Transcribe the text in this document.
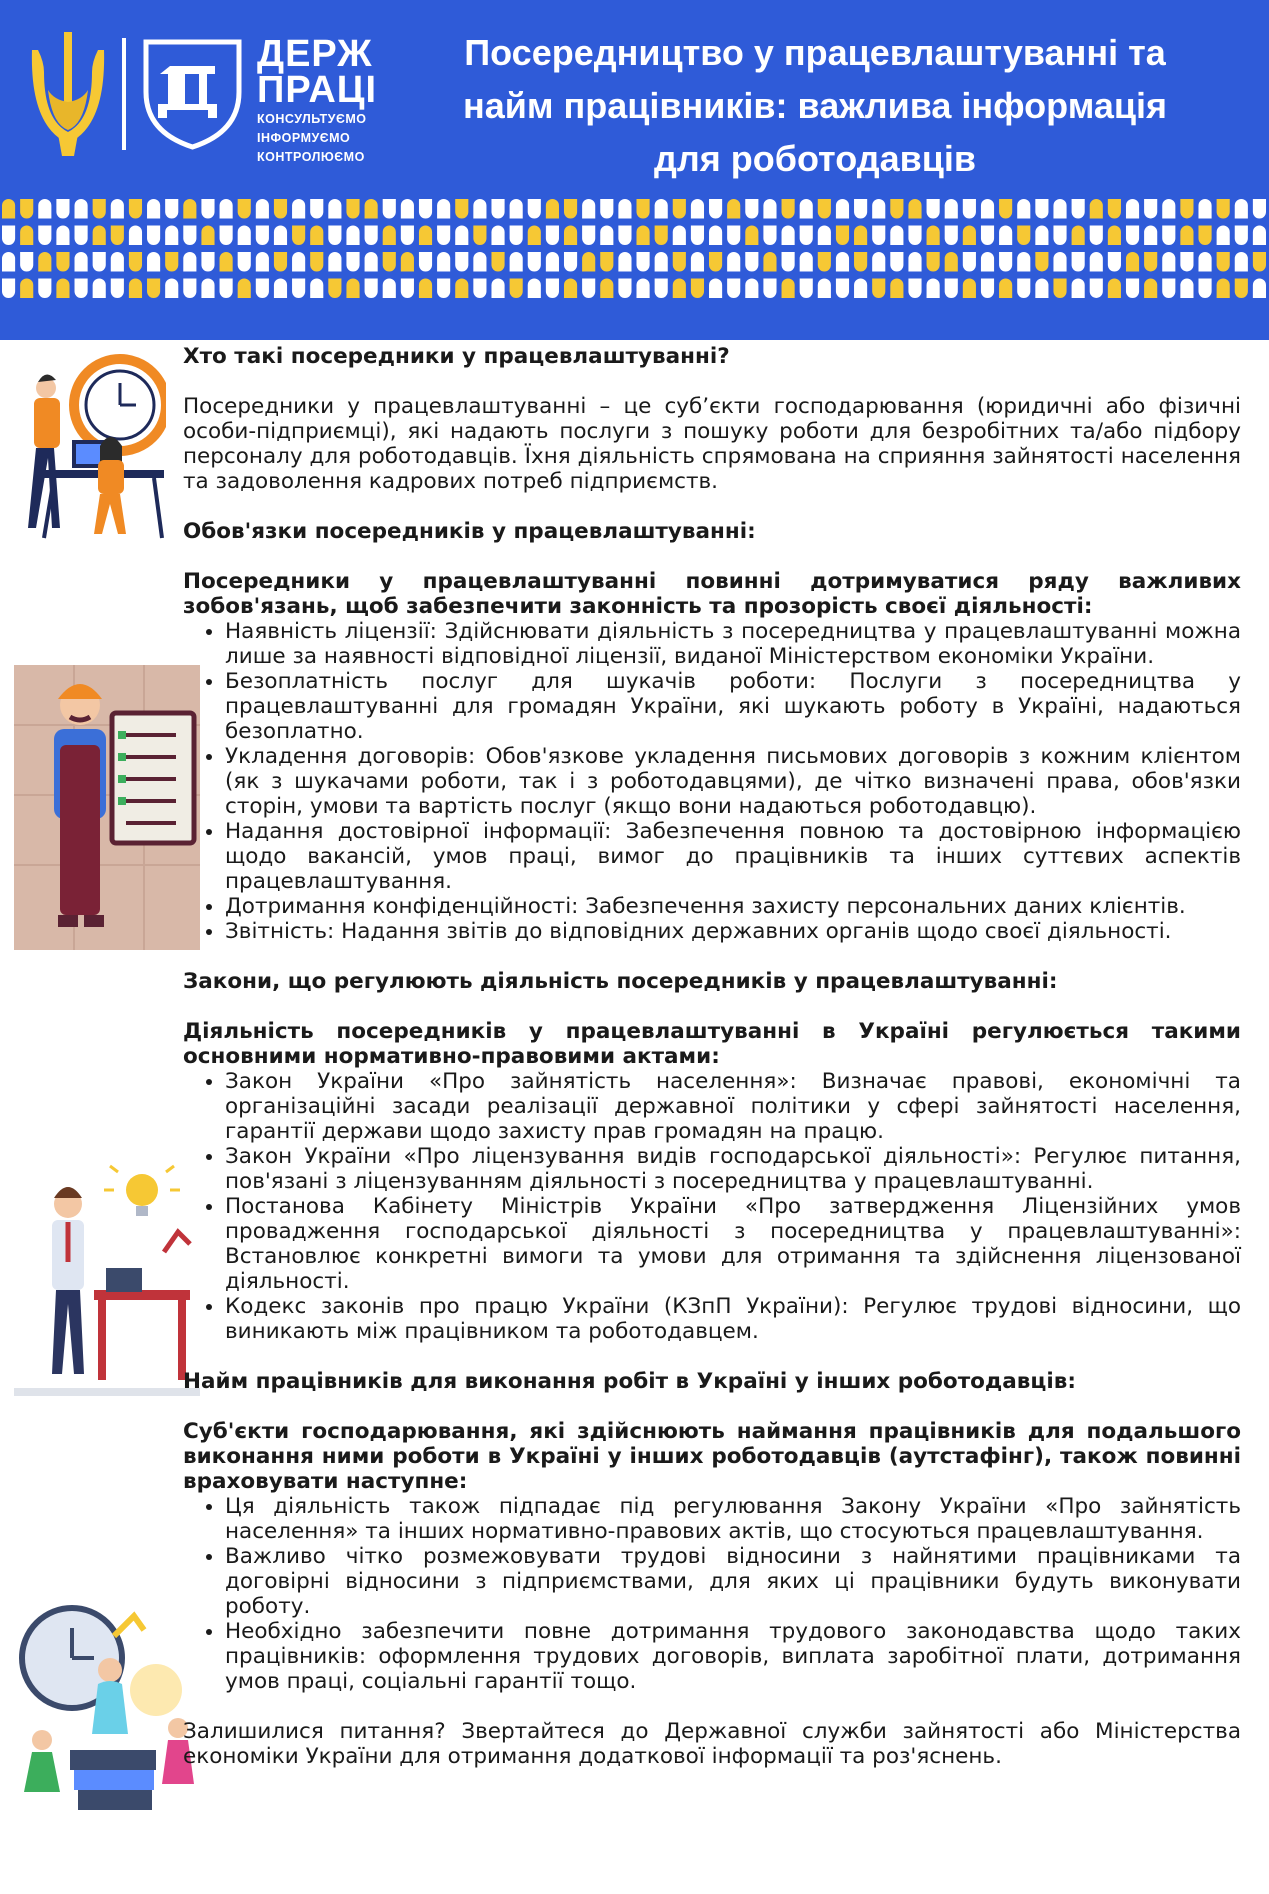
ДЕРЖ
ПРАЦІ
КОНСУЛЬТУЄМО
ІНФОРМУЄМО
КОНТРОЛЮЄМО
Посередництво у працевлаштуванні та
найм працівників: важлива інформація
для роботодавців

Хто такі посередники у працевлаштуванні?

Посередники у працевлаштуванні – це суб’єкти господарювання (юридичні або фізичні особи-підприємці), які надають послуги з пошуку роботи для безробітних та/або підбору персоналу для роботодавців. Їхня діяльність спрямована на сприяння зайнятості населення та задоволення кадрових потреб підприємств.

Обов'язки посередників у працевлаштуванні:

Посередники у працевлаштуванні повинні дотримуватися ряду важливих зобов'язань, щоб забезпечити законність та прозорість своєї діяльності:

• Наявність ліцензії: Здійснювати діяльність з посередництва у працевлаштуванні можна лише за наявності відповідної ліцензії, виданої Міністерством економіки України.
• Безоплатність послуг для шукачів роботи: Послуги з посередництва у працевлаштуванні для громадян України, які шукають роботу в Україні, надаються безоплатно.
• Укладення договорів: Обов'язкове укладення письмових договорів з кожним клієнтом (як з шукачами роботи, так і з роботодавцями), де чітко визначені права, обов'язки сторін, умови та вартість послуг (якщо вони надаються роботодавцю).
• Надання достовірної інформації: Забезпечення повною та достовірною інформацією щодо вакансій, умов праці, вимог до працівників та інших суттєвих аспектів працевлаштування.
• Дотримання конфіденційності: Забезпечення захисту персональних даних клієнтів.
• Звітність: Надання звітів до відповідних державних органів щодо своєї діяльності.

Закони, що регулюють діяльність посередників у працевлаштуванні:

Діяльність посередників у працевлаштуванні в Україні регулюється такими основними нормативно-правовими актами:

• Закон України «Про зайнятість населення»: Визначає правові, економічні та організаційні засади реалізації державної політики у сфері зайнятості населення, гарантії держави щодо захисту прав громадян на працю.
• Закон України «Про ліцензування видів господарської діяльності»: Регулює питання, пов'язані з ліцензуванням діяльності з посередництва у працевлаштуванні.
• Постанова Кабінету Міністрів України «Про затвердження Ліцензійних умов провадження господарської діяльності з посередництва у працевлаштуванні»: Встановлює конкретні вимоги та умови для отримання та здійснення ліцензованої діяльності.
• Кодекс законів про працю України (КЗпП України): Регулює трудові відносини, що виникають між працівником та роботодавцем.

Найм працівників для виконання робіт в Україні у інших роботодавців:

Суб'єкти господарювання, які здійснюють наймання працівників для подальшого виконання ними роботи в Україні у інших роботодавців (аутстафінг), також повинні враховувати наступне:

• Ця діяльність також підпадає під регулювання Закону України «Про зайнятість населення» та інших нормативно-правових актів, що стосуються працевлаштування.
• Важливо чітко розмежовувати трудові відносини з найнятими працівниками та договірні відносини з підприємствами, для яких ці працівники будуть виконувати роботу.
• Необхідно забезпечити повне дотримання трудового законодавства щодо таких працівників: оформлення трудових договорів, виплата заробітної плати, дотримання умов праці, соціальні гарантії тощо.

Залишилися питання? Звертайтеся до Державної служби зайнятості або Міністерства економіки України для отримання додаткової інформації та роз'яснень.
